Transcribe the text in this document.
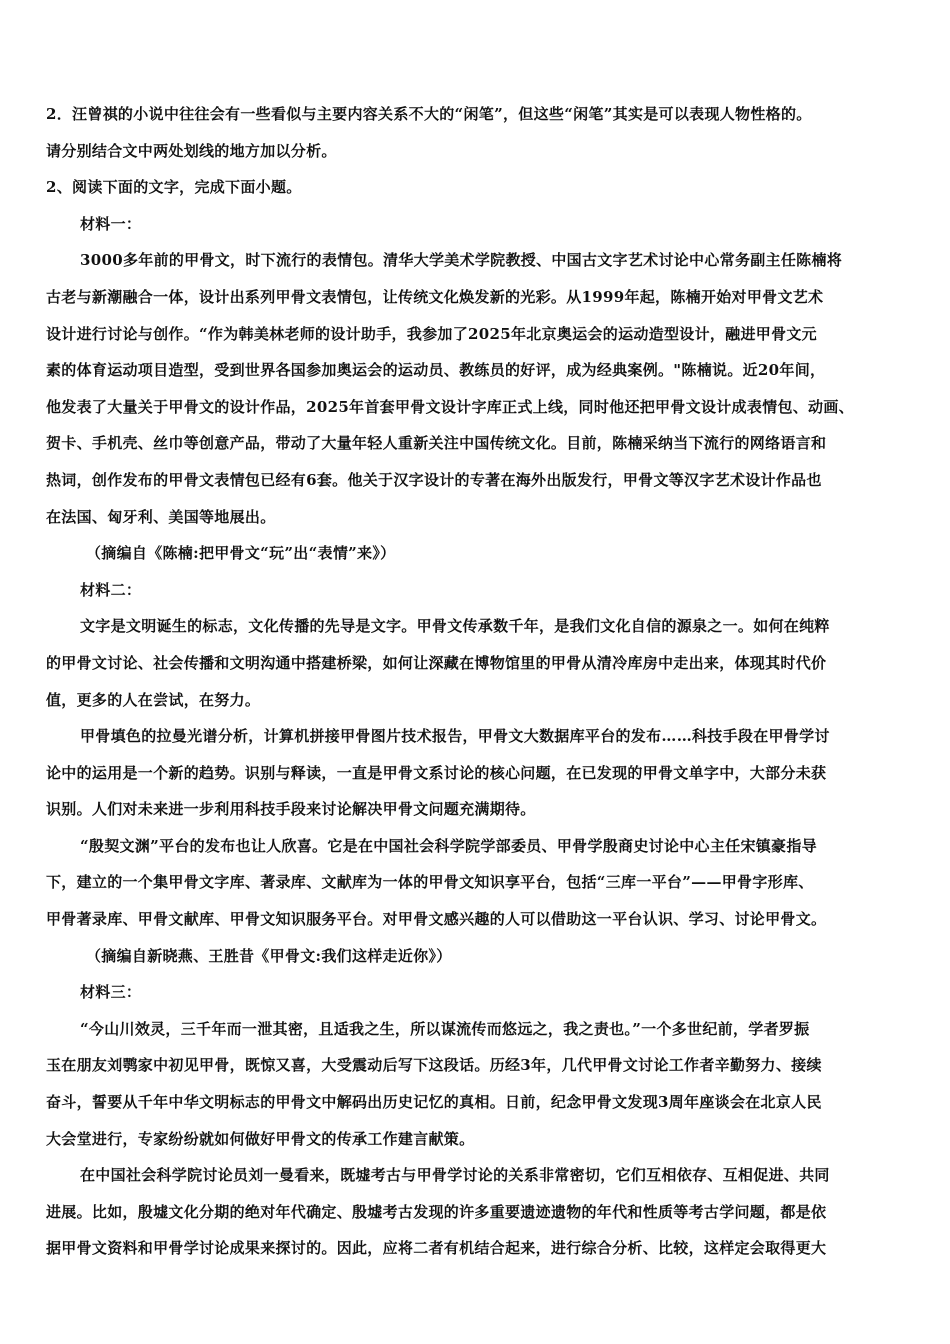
2．汪曾祺的小说中往往会有一些看似与主要内容关系不大的“闲笔”，但这些“闲笔”其实是可以表现人物性格的。
请分别结合文中两处划线的地方加以分析。
2、阅读下面的文字，完成下面小题。
材料一：
3000多年前的甲骨文，时下流行的表情包。清华大学美术学院教授、中国古文字艺术讨论中心常务副主任陈楠将
古老与新潮融合一体，设计出系列甲骨文表情包，让传统文化焕发新的光彩。从1999年起，陈楠开始对甲骨文艺术
设计进行讨论与创作。“作为韩美林老师的设计助手，我参加了2025年北京奥运会的运动造型设计，融进甲骨文元
素的体育运动项目造型，受到世界各国参加奥运会的运动员、教练员的好评，成为经典案例。"陈楠说。近20年间，
他发表了大量关于甲骨文的设计作品，2025年首套甲骨文设计字库正式上线，同时他还把甲骨文设计成表情包、动画、
贺卡、手机壳、丝巾等创意产品，带动了大量年轻人重新关注中国传统文化。目前，陈楠采纳当下流行的网络语言和
热词，创作发布的甲骨文表情包已经有6套。他关于汉字设计的专著在海外出版发行，甲骨文等汉字艺术设计作品也
在法国、匈牙利、美国等地展出。
（摘编自《陈楠:把甲骨文“玩”出“表情”来》）
材料二：
文字是文明诞生的标志，文化传播的先导是文字。甲骨文传承数千年，是我们文化自信的源泉之一。如何在纯粹
的甲骨文讨论、社会传播和文明沟通中搭建桥梁，如何让深藏在博物馆里的甲骨从清冷库房中走出来，体现其时代价
值，更多的人在尝试，在努力。
甲骨填色的拉曼光谱分析，计算机拼接甲骨图片技术报告，甲骨文大数据库平台的发布……科技手段在甲骨学讨
论中的运用是一个新的趋势。识别与释读，一直是甲骨文系讨论的核心问题，在已发现的甲骨文单字中，大部分未获
识别。人们对未来进一步利用科技手段来讨论解决甲骨文问题充满期待。
“殷契文渊”平台的发布也让人欣喜。它是在中国社会科学院学部委员、甲骨学殷商史讨论中心主任宋镇豪指导
下，建立的一个集甲骨文字库、著录库、文献库为一体的甲骨文知识享平台，包括“三库一平台”——甲骨字形库、
甲骨著录库、甲骨文献库、甲骨文知识服务平台。对甲骨文感兴趣的人可以借助这一平台认识、学习、讨论甲骨文。
（摘编自新晓燕、王胜昔《甲骨文:我们这样走近你》）
材料三：
“今山川效灵，三千年而一泄其密，且适我之生，所以谋流传而悠远之，我之责也。”一个多世纪前，学者罗振
玉在朋友刘鹗家中初见甲骨，既惊又喜，大受震动后写下这段话。历经3年，几代甲骨文讨论工作者辛勤努力、接续
奋斗，誓要从千年中华文明标志的甲骨文中解码出历史记忆的真相。日前，纪念甲骨文发现3周年座谈会在北京人民
大会堂进行，专家纷纷就如何做好甲骨文的传承工作建言献策。
在中国社会科学院讨论员刘一曼看来，既墟考古与甲骨学讨论的关系非常密切，它们互相依存、互相促进、共同
进展。比如，殷墟文化分期的绝对年代确定、殷墟考古发现的许多重要遗迹遗物的年代和性质等考古学问题，都是依
据甲骨文资料和甲骨学讨论成果来探讨的。因此，应将二者有机结合起来，进行综合分析、比较，这样定会取得更大
